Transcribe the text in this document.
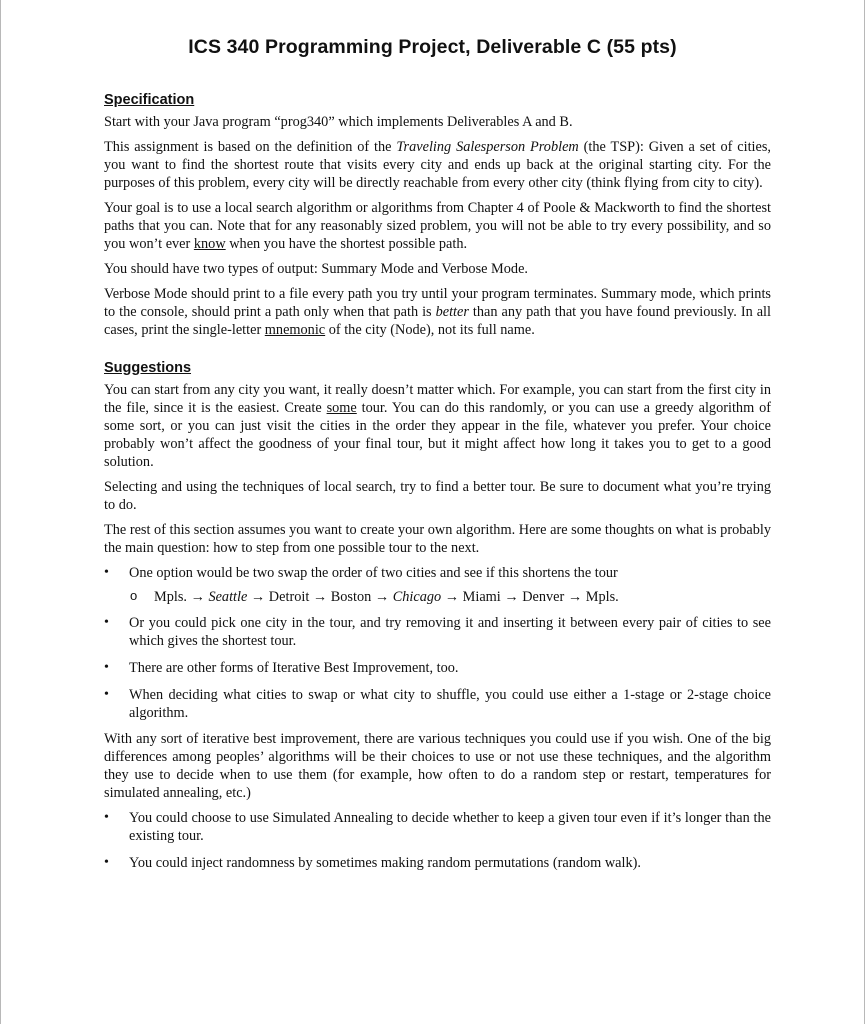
ICS 340 Programming Project, Deliverable C (55 pts)
Specification

Start with your Java program “prog340” which implements Deliverables A and B.

This assignment is based on the definition of the Traveling Salesperson Problem (the TSP): Given a set of cities, you want to find the shortest route that visits every city and ends up back at the original starting city. For the purposes of this problem, every city will be directly reachable from every other city (think flying from city to city).

Your goal is to use a local search algorithm or algorithms from Chapter 4 of Poole & Mackworth to find the shortest paths that you can. Note that for any reasonably sized problem, you will not be able to try every possibility, and so you won’t ever know when you have the shortest possible path.

You should have two types of output: Summary Mode and Verbose Mode.

Verbose Mode should print to a file every path you try until your program terminates. Summary mode, which prints to the console, should print a path only when that path is better than any path that you have found previously. In all cases, print the single-letter mnemonic of the city (Node), not its full name.

Suggestions

You can start from any city you want, it really doesn’t matter which. For example, you can start from the first city in the file, since it is the easiest. Create some tour. You can do this randomly, or you can use a greedy algorithm of some sort, or you can just visit the cities in the order they appear in the file, whatever you prefer. Your choice probably won’t affect the goodness of your final tour, but it might affect how long it takes you to get to a good solution.

Selecting and using the techniques of local search, try to find a better tour. Be sure to document what you’re trying to do.

The rest of this section assumes you want to create your own algorithm. Here are some thoughts on what is probably the main question: how to step from one possible tour to the next.

• One option would be two swap the order of two cities and see if this shortens the tour
o Mpls. → Seattle → Detroit → Boston → Chicago → Miami → Denver → Mpls.
• Or you could pick one city in the tour, and try removing it and inserting it between every pair of cities to see which gives the shortest tour.
• There are other forms of Iterative Best Improvement, too.
• When deciding what cities to swap or what city to shuffle, you could use either a 1-stage or 2-stage choice algorithm.

With any sort of iterative best improvement, there are various techniques you could use if you wish. One of the big differences among peoples’ algorithms will be their choices to use or not use these techniques, and the algorithm they use to decide when to use them (for example, how often to do a random step or restart, temperatures for simulated annealing, etc.)

• You could choose to use Simulated Annealing to decide whether to keep a given tour even if it’s longer than the existing tour.
• You could inject randomness by sometimes making random permutations (random walk).
